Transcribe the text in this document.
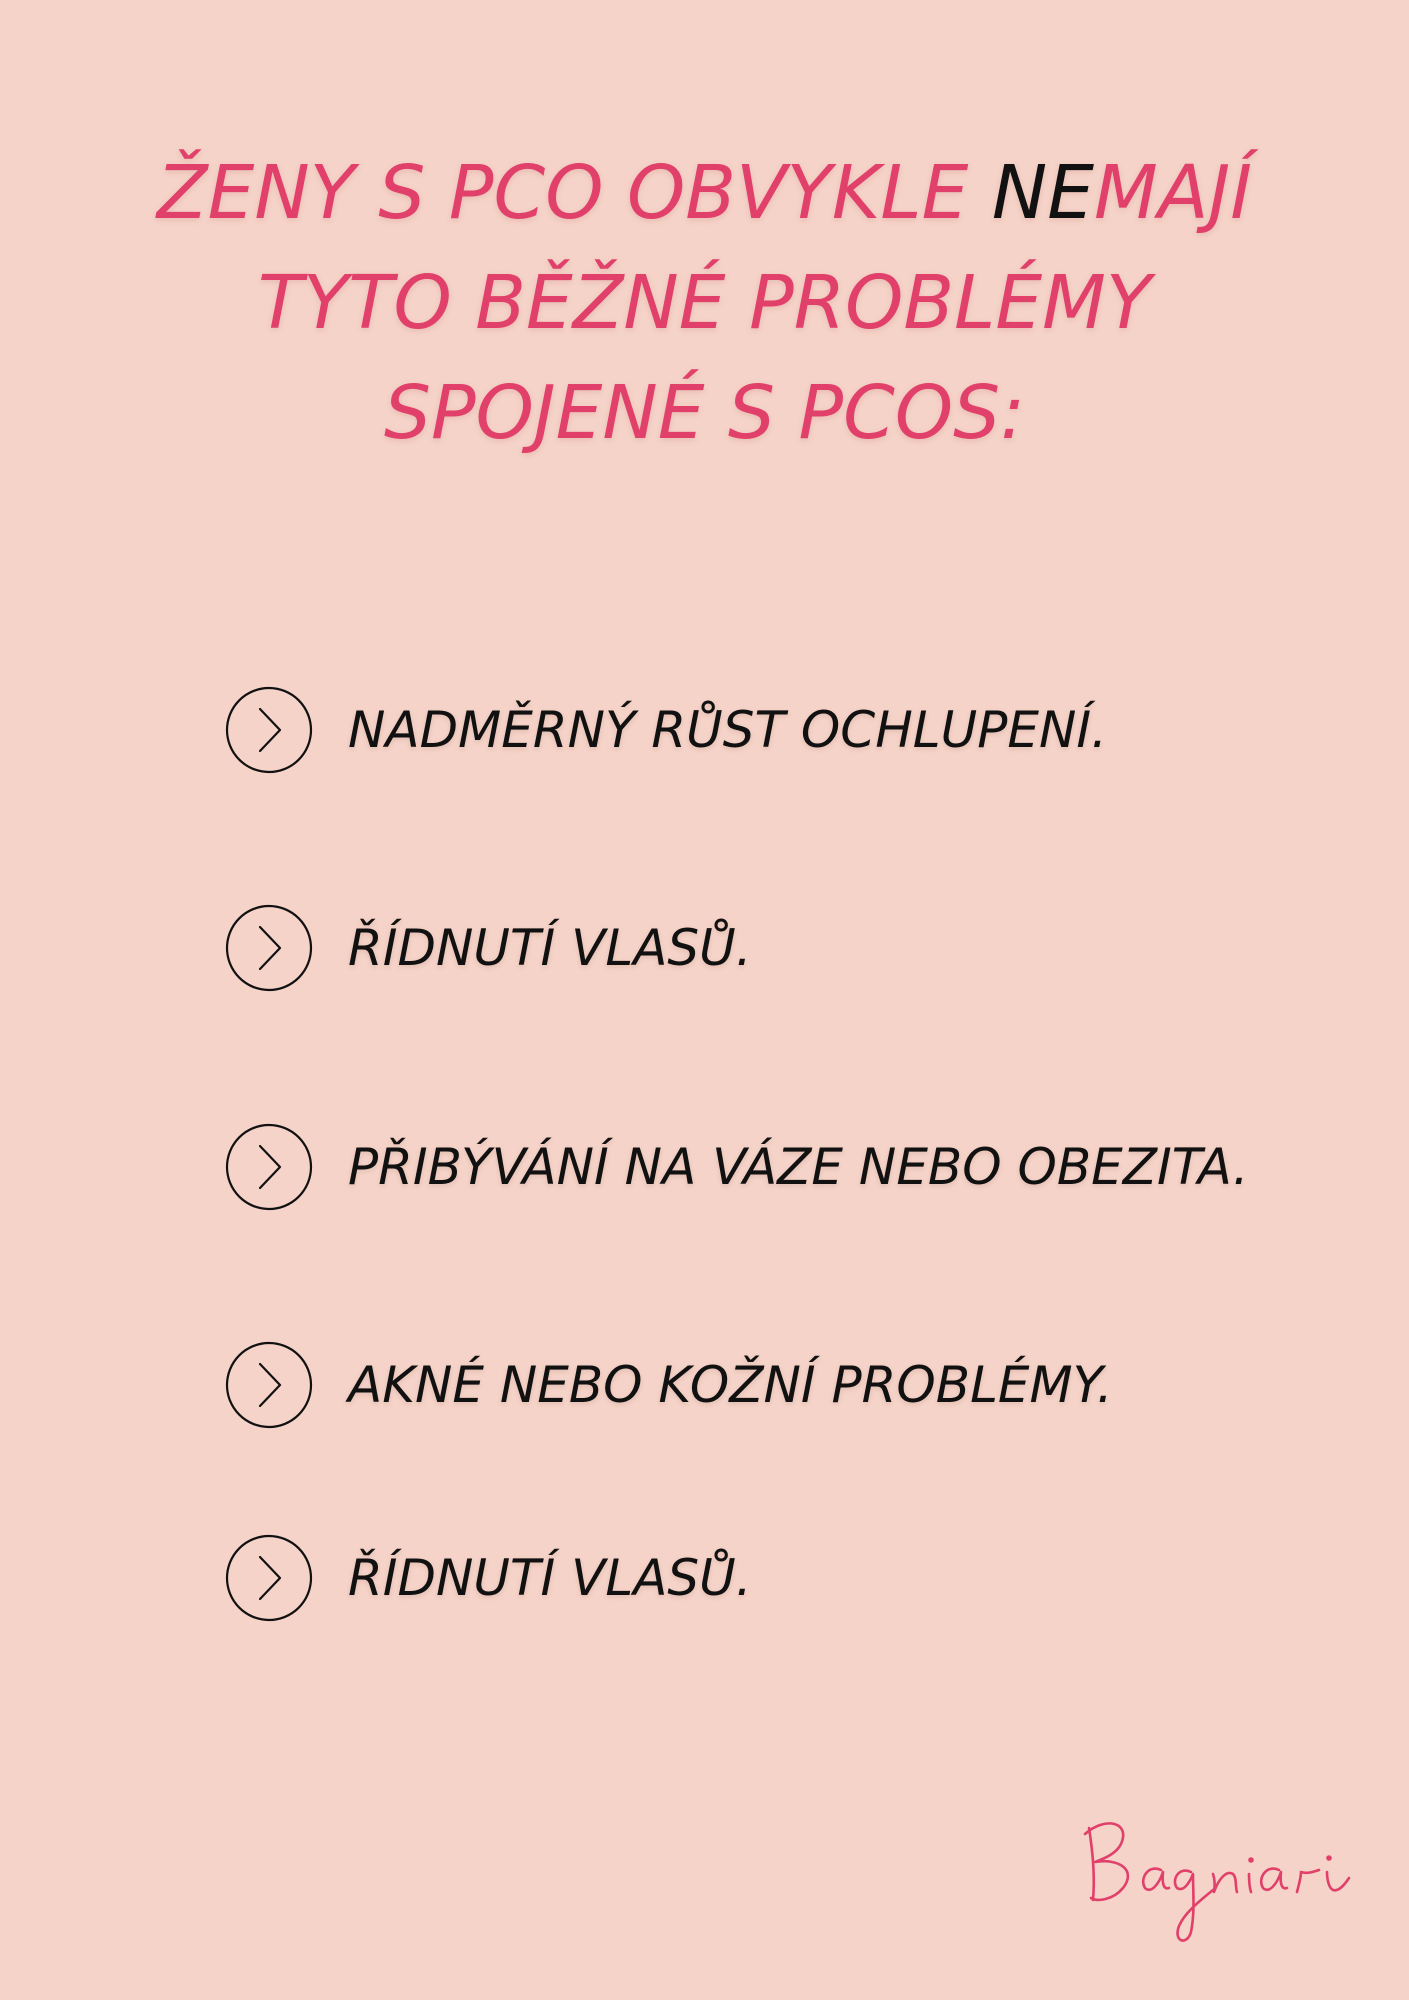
ŽENY S PCO OBVYKLE NEMAJÍ
TYTO BĚŽNÉ PROBLÉMY
SPOJENÉ S PCOS:
NADMĚRNÝ RŮST OCHLUPENÍ.
ŘÍDNUTÍ VLASŮ.
PŘIBÝVÁNÍ NA VÁZE NEBO OBEZITA.
AKNÉ NEBO KOŽNÍ PROBLÉMY.
ŘÍDNUTÍ VLASŮ.
